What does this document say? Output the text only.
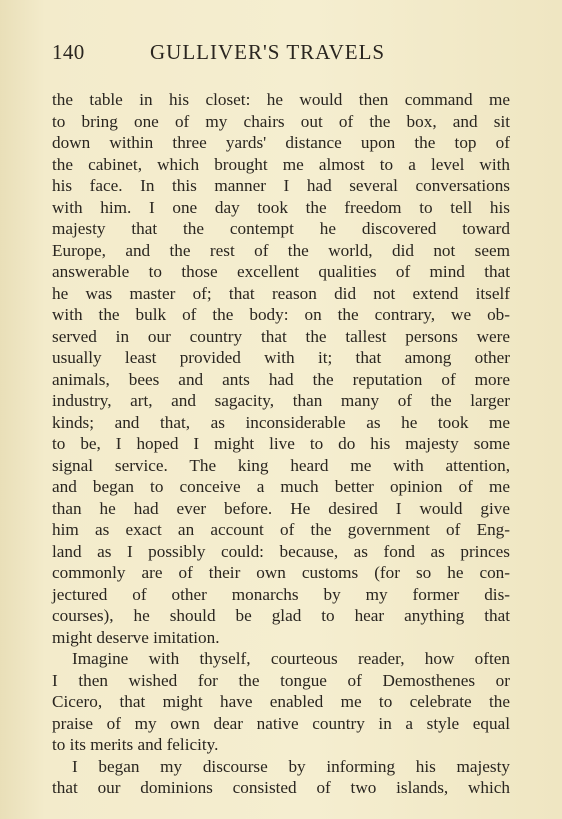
140	GULLIVER'S TRAVELS
the table in his closet: he would then command me
to bring one of my chairs out of the box, and sit
down within three yards' distance upon the top of
the cabinet, which brought me almost to a level with
his face. In this manner I had several conversations
with him. I one day took the freedom to tell his
majesty that the contempt he discovered toward
Europe, and the rest of the world, did not seem
answerable to those excellent qualities of mind that
he was master of; that reason did not extend itself
with the bulk of the body: on the contrary, we ob-
served in our country that the tallest persons were
usually least provided with it; that among other
animals, bees and ants had the reputation of more
industry, art, and sagacity, than many of the larger
kinds; and that, as inconsiderable as he took me
to be, I hoped I might live to do his majesty some
signal service. The king heard me with attention,
and began to conceive a much better opinion of me
than he had ever before. He desired I would give
him as exact an account of the government of Eng-
land as I possibly could: because, as fond as princes
commonly are of their own customs (for so he con-
jectured of other monarchs by my former dis-
courses), he should be glad to hear anything that
might deserve imitation.
Imagine with thyself, courteous reader, how often
I then wished for the tongue of Demosthenes or
Cicero, that might have enabled me to celebrate the
praise of my own dear native country in a style equal
to its merits and felicity.
I began my discourse by informing his majesty
that our dominions consisted of two islands, which
